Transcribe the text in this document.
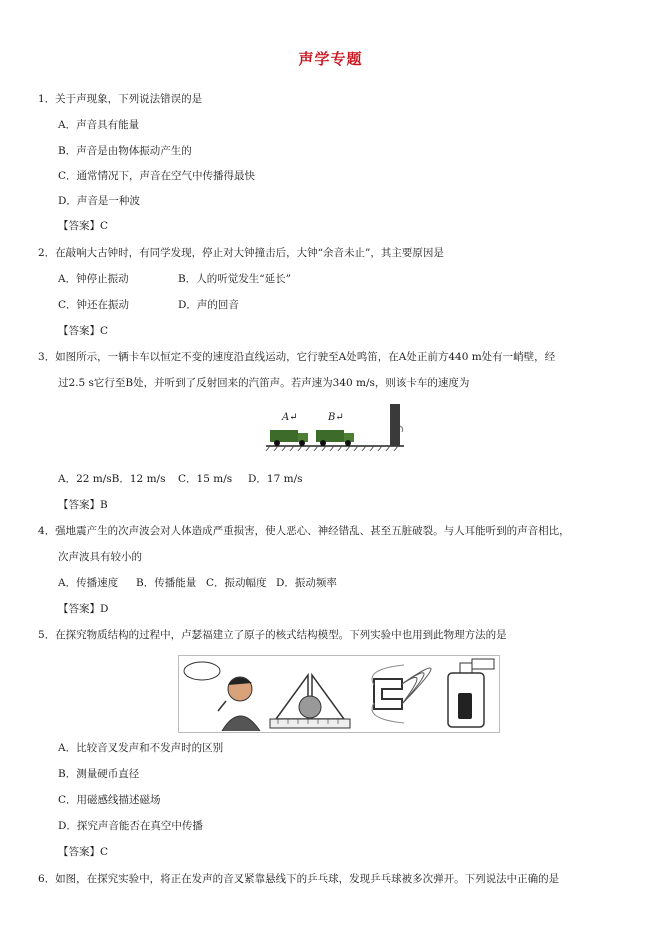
声学专题
1．关于声现象，下列说法错误的是
A．声音具有能量
B．声音是由物体振动产生的
C．通常情况下，声音在空气中传播得最快
D．声音是一种波
【答案】C
2．在敲响大古钟时，有同学发现，停止对大钟撞击后，大钟“余音未止”，其主要原因是
A．钟停止振动	B．人的听觉发生“延长”
C．钟还在振动	D．声的回音
【答案】C
3．如图所示，一辆卡车以恒定不变的速度沿直线运动，它行驶至A处鸣笛，在A处正前方440 m处有一峭壁，经
过2.5 s它行至B处，并听到了反射回来的汽笛声。若声速为340 m/s，则该卡车的速度为
A↵	B↵
A．22 m/sB．12 m/s C．15 m/s D．17 m/s
【答案】B
4．强地震产生的次声波会对人体造成严重损害，使人恶心、神经错乱、甚至五脏破裂。与人耳能听到的声音相比，
次声波具有较小的
A．传播速度 B．传播能量 C．振动幅度 D．振动频率
【答案】D
5．在探究物质结构的过程中，卢瑟福建立了原子的核式结构模型。下列实验中也用到此物理方法的是
A．比较音叉发声和不发声时的区别
B．测量硬币直径
C．用磁感线描述磁场
D．探究声音能否在真空中传播
【答案】C
6．如图，在探究实验中，将正在发声的音叉紧靠悬线下的乒乓球，发现乒乓球被多次弹开。下列说法中正确的是
